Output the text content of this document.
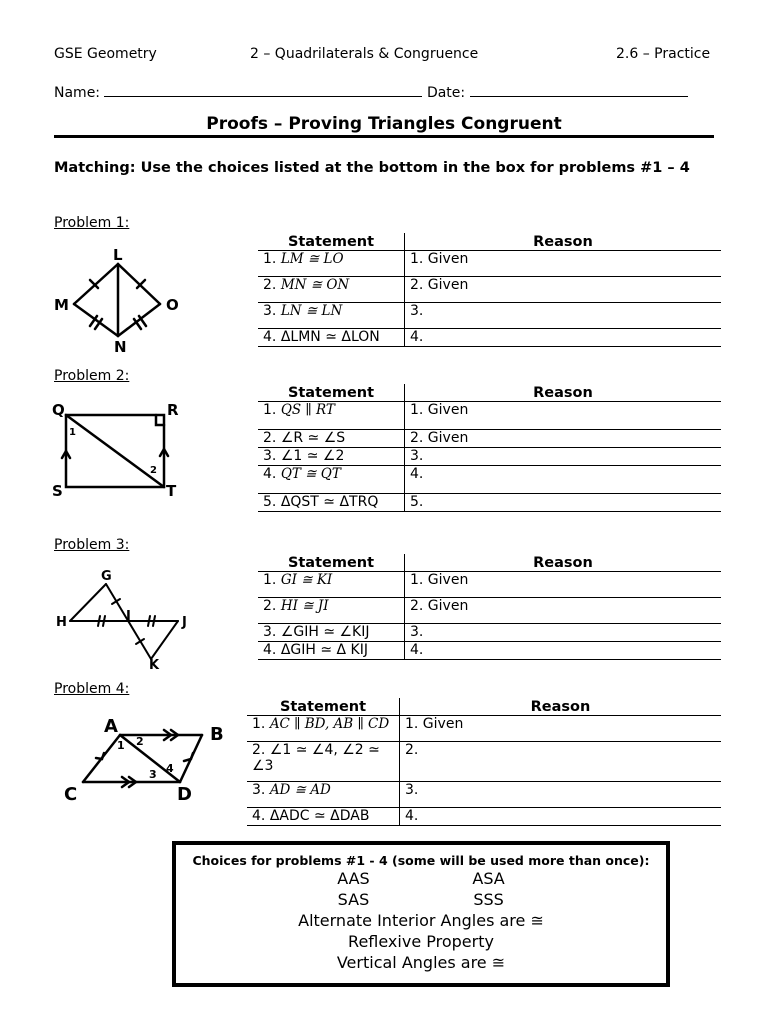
GSE Geometry	2 – Quadrilaterals & Congruence	2.6 – Practice
Name:	Date:
Proofs – Proving Triangles Congruent
Matching: Use the choices listed at the bottom in the box for problems #1 – 4
Problem 1:
L
M	O
N
Statement	Reason
1. LM ≅ LO	1. Given
2. MN ≅ ON	2. Given
3. LN ≅ LN	3.
4. ΔLMN ≃ ΔLON	4.
Problem 2:
Q	R
S	T
1
2
Statement	Reason
1. QS ∥ RT	1. Given
2. ∠R ≃ ∠S	2. Given
3. ∠1 ≃ ∠2	3.
4. QT ≅ QT	4.
5. ΔQST ≃ ΔTRQ	5.
Problem 3:
G
H	I	J
K
Statement	Reason
1. GI ≅ KI	1. Given
2. HI ≅ JI	2. Given
3. ∠GIH ≃ ∠KIJ	3.
4. ΔGIH ≃ Δ KIJ	4.
Problem 4:
A	B
C	D
1 2
3 4
Statement	Reason
1. AC ∥ BD, AB ∥ CD	1. Given
2. ∠1 ≃ ∠4, ∠2 ≃ ∠3	2.
3. AD ≅ AD	3.
4. ΔADC ≃ ΔDAB	4.
Choices for problems #1 - 4 (some will be used more than once):
AAS	ASA
SAS	SSS
Alternate Interior Angles are ≅
Reflexive Property
Vertical Angles are ≅
